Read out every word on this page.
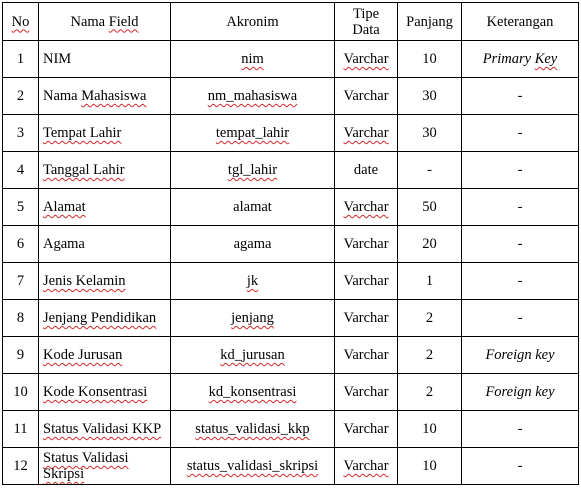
No	Nama Field	Akronim	Tipe Data	Panjang	Keterangan
1	NIM	nim	Varchar	10	Primary Key
2	Nama Mahasiswa	nm_mahasiswa	Varchar	30	-
3	Tempat Lahir	tempat_lahir	Varchar	30	-
4	Tanggal Lahir	tgl_lahir	date	-	-
5	Alamat	alamat	Varchar	50	-
6	Agama	agama	Varchar	20	-
7	Jenis Kelamin	jk	Varchar	1	-
8	Jenjang Pendidikan	jenjang	Varchar	2	-
9	Kode Jurusan	kd_jurusan	Varchar	2	Foreign key
10	Kode Konsentrasi	kd_konsentrasi	Varchar	2	Foreign key
11	Status Validasi KKP	status_validasi_kkp	Varchar	10	-
12	Status Validasi Skripsi	status_validasi_skripsi	Varchar	10	-
